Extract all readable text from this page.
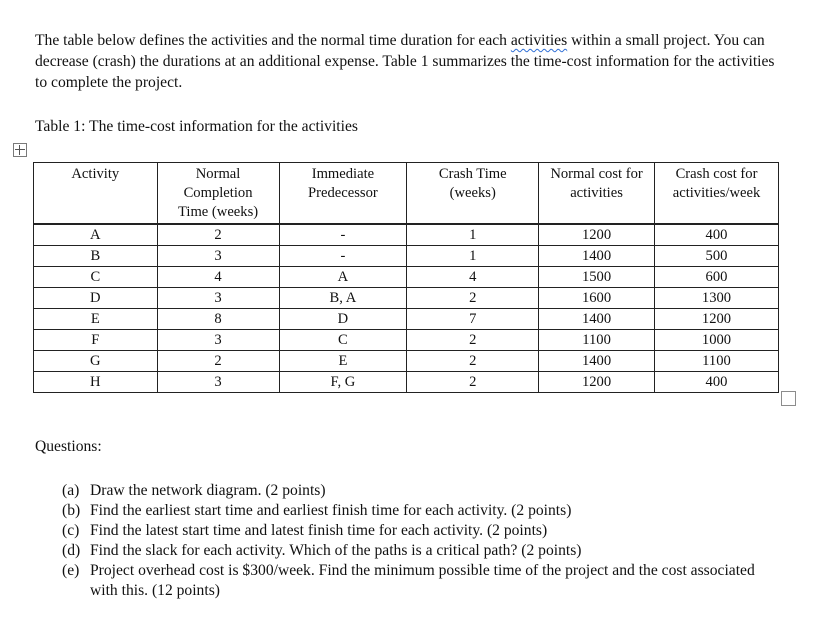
The table below defines the activities and the normal time duration for each activities within a small project. You can decrease (crash) the durations at an additional expense. Table 1 summarizes the time-cost information for the activities to complete the project.
Table 1: The time-cost information for the activities
Activity	Normal Completion Time (weeks)	Immediate Predecessor	Crash Time (weeks)	Normal cost for activities	Crash cost for activities/week

A	2	-	1	1200	400
B	3	-	1	1400	500
C	4	A	4	1500	600
D	3	B, A	2	1600	1300
E	8	D	7	1400	1200
F	3	C	2	1100	1000
G	2	E	2	1400	1100
H	3	F, G	2	1200	400
Questions:
(a) Draw the network diagram. (2 points)
(b) Find the earliest start time and earliest finish time for each activity. (2 points)
(c) Find the latest start time and latest finish time for each activity. (2 points)
(d) Find the slack for each activity. Which of the paths is a critical path? (2 points)
(e) Project overhead cost is $300/week. Find the minimum possible time of the project and the cost associated with this. (12 points)
